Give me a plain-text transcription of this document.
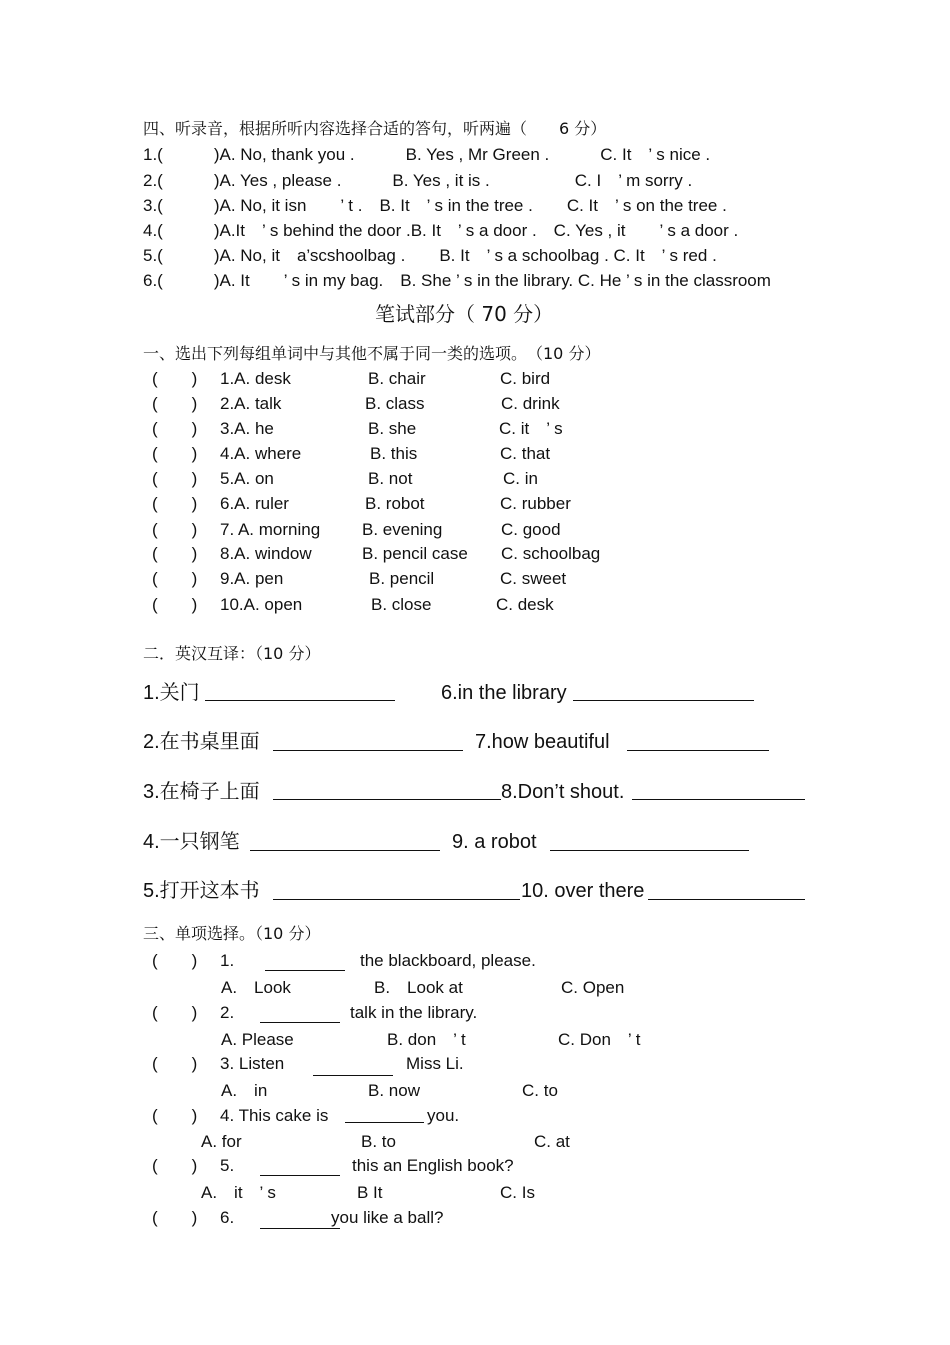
四、听录音，根据所听内容选择合适的答句，听两遍（　　6 分）
1.(　　　)A. No, thank you .　　　B. Yes , Mr Green .　　　C. It　’ s nice .
2.(　　　)A. Yes , please .　　　B. Yes , it is .　　　　　C. I　’ m sorry .
3.(　　　)A. No, it isn　　’ t .　B. It　’ s in the tree .　　C. It　’ s on the tree .
4.(　　　)A.It　’ s behind the door .B. It　’ s a door .　C. Yes , it　　’ s a door .
5.(　　　)A. No, it　a’scshoolbag .　　B. It　’ s a schoolbag . C. It　’ s red .
6.(　　　)A. It　　’ s in my bag.　B. She ’ s in the library. C. He ’ s in the classroom
笔试部分（ 70 分）
一、选出下列每组单词中与其他不属于同一类的选项。　（10 分）
(　　) 1.A. desk	B. chair	C. bird
(　　) 2.A. talk	B. class	C. drink
(　　) 3.A. he	B. she	C. it　’ s
(　　) 4.A. where	B. this	C. that
(　　) 5.A. on	B. not	C. in
(　　) 6.A. ruler	B. robot	C. rubber
(　　) 7. A. morning B. evening	C. good
(　　) 8.A. window	B. pencil case C. schoolbag
(　　) 9.A. pen	B. pencil	C. sweet
(　　) 10.A. open	B. close	C. desk
二．英汉互译：（10 分）
1.关门	6.in the library
2.在书桌里面	7.how beautiful
3.在椅子上面	8.Don’t shout.
4.一只钢笔	9. a robot
5.打开这本书	10. over there
三、单项选择。（10 分）
(　　) 1.	the blackboard, please.
A.　Look	B.　Look at	C. Open
(　　) 2.	talk in the library.
A. Please	B. don　’ t	C. Don　’ t
(　　) 3. Listen	Miss Li.
A.　in	B. now	C. to
(　　) 4. This cake is	you.
A. for	B. to	C. at
(　　) 5.	this an English book?
A.　it　’ s	B It	C. Is
(　　) 6.	you like a ball?
